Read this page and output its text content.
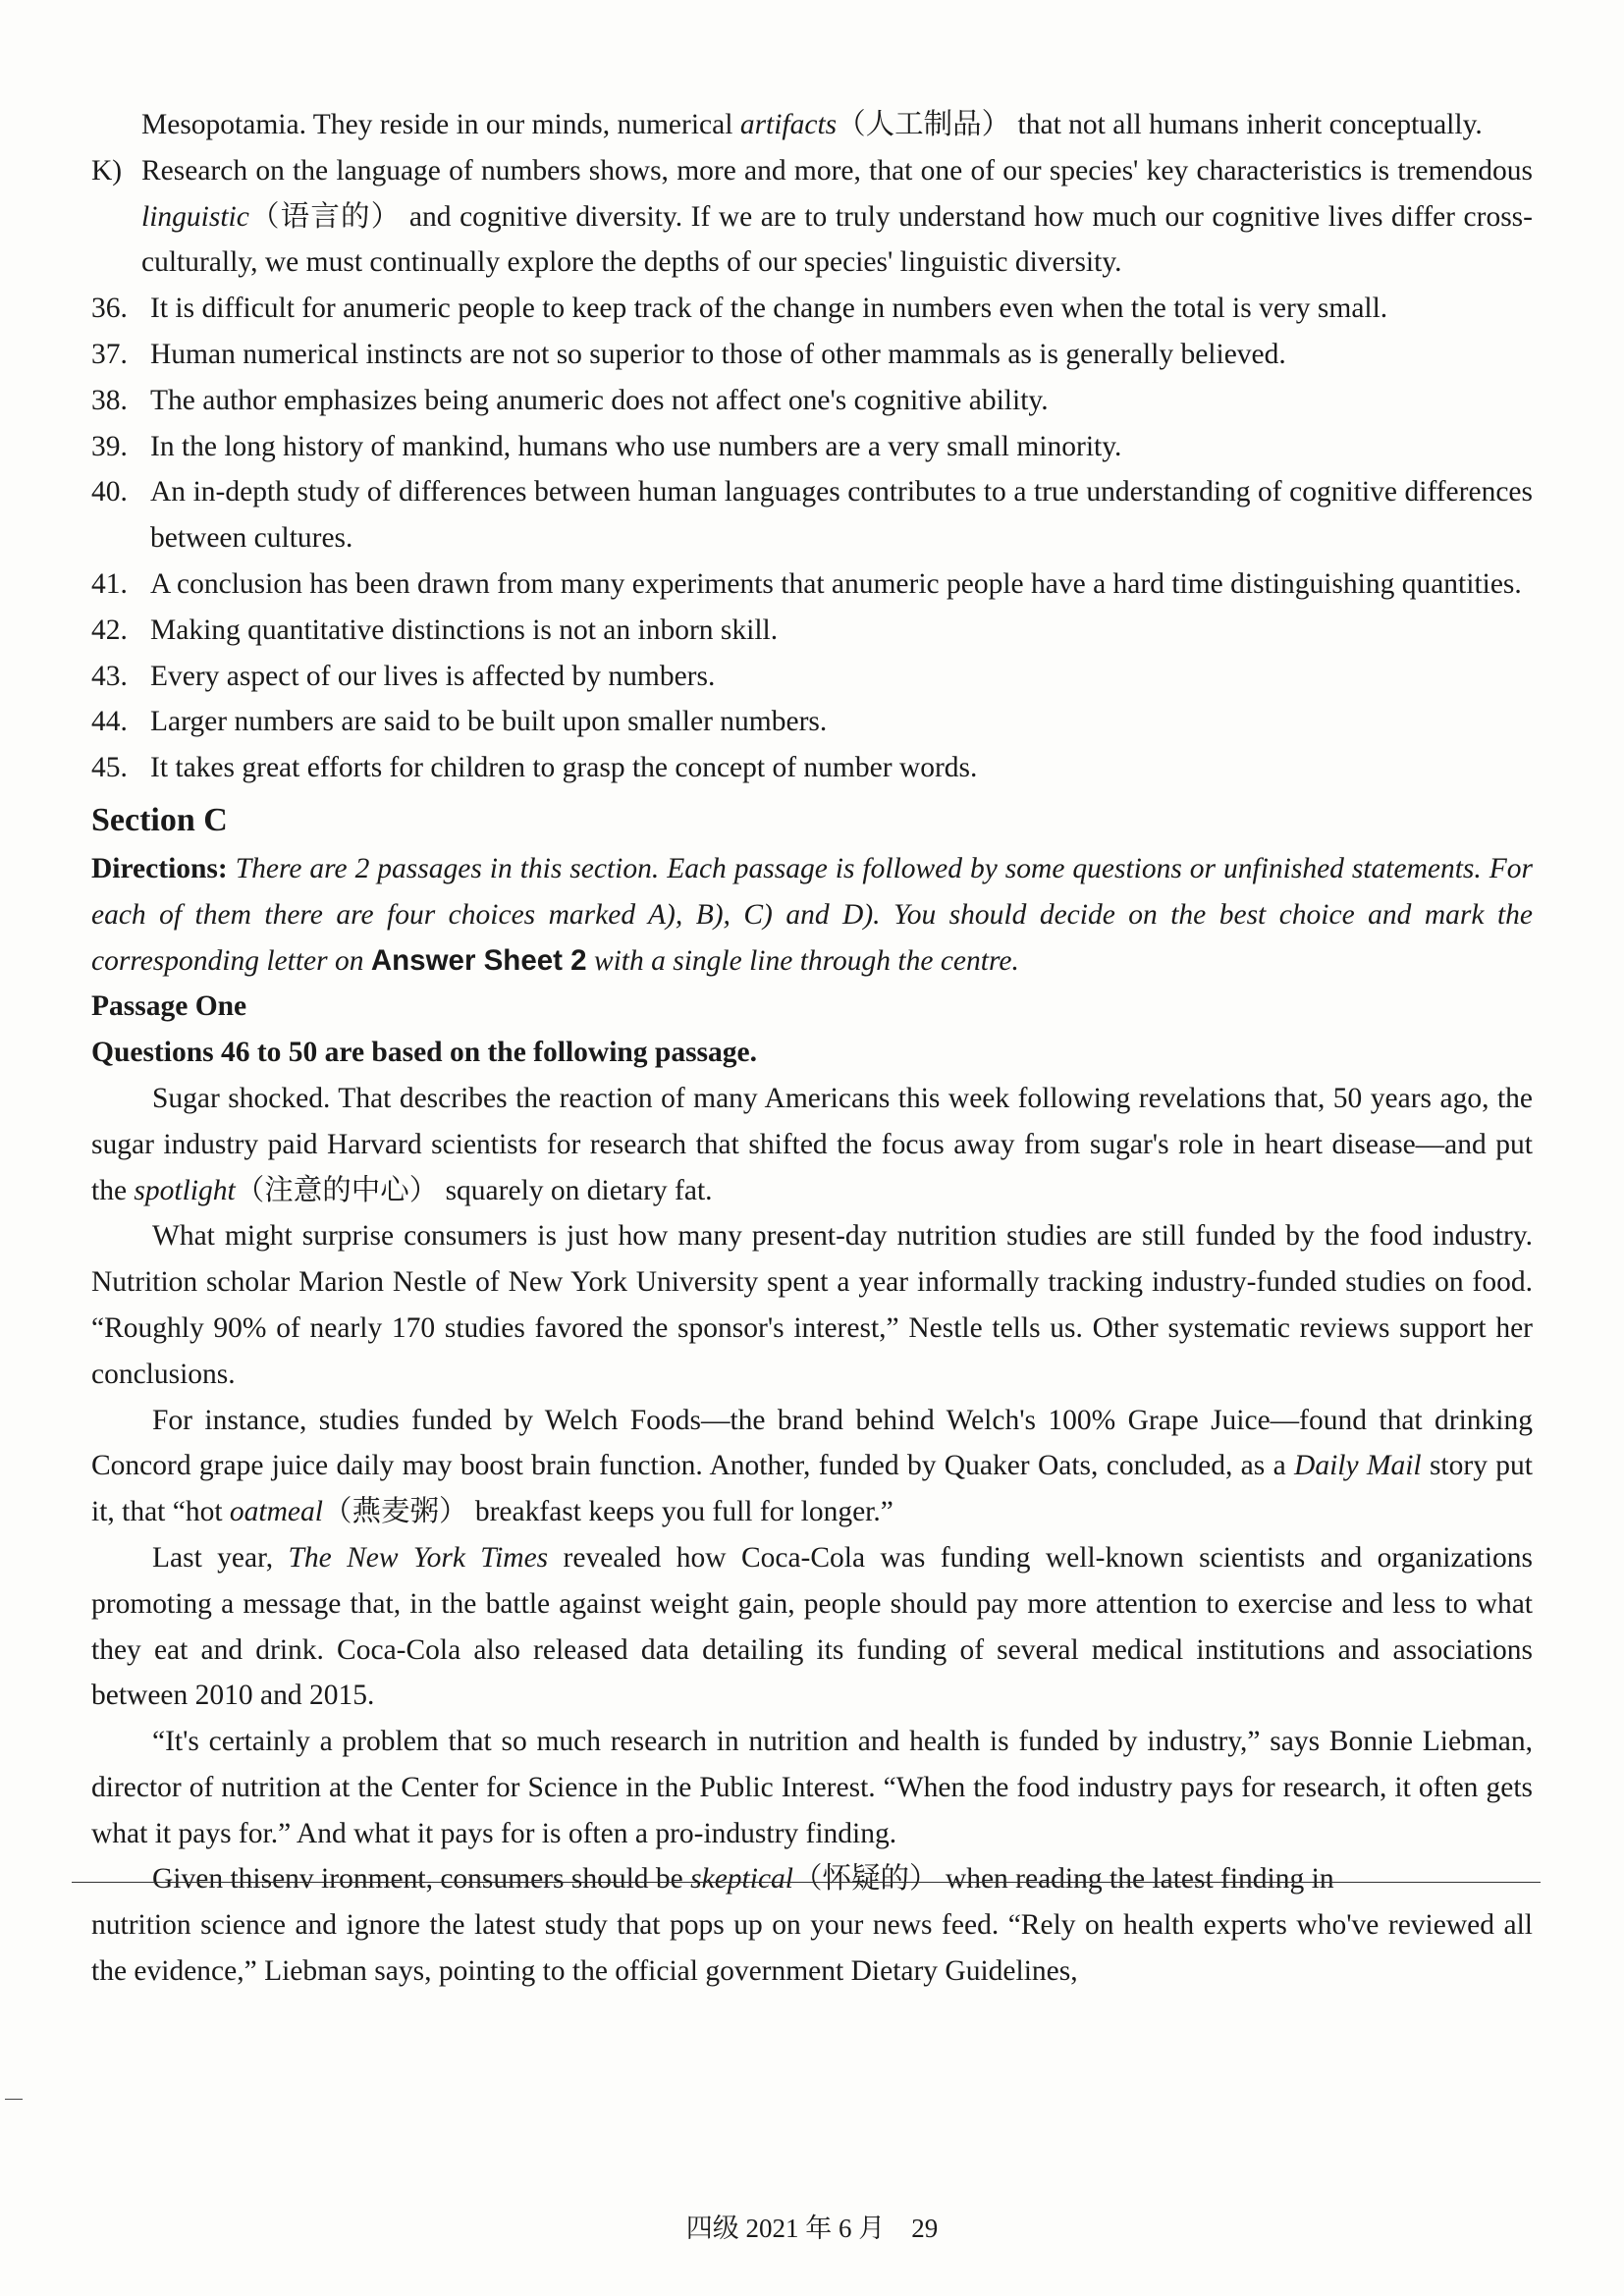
Mesopotamia. They reside in our minds, numerical artifacts（人工制品） that not all humans inherit conceptually.
K) Research on the language of numbers shows, more and more, that one of our species' key characteristics is tremendous linguistic（语言的） and cognitive diversity. If we are to truly understand how much our cognitive lives differ cross-culturally, we must continually explore the depths of our species' linguistic diversity.
36. It is difficult for anumeric people to keep track of the change in numbers even when the total is very small.
37. Human numerical instincts are not so superior to those of other mammals as is generally believed.
38. The author emphasizes being anumeric does not affect one's cognitive ability.
39. In the long history of mankind, humans who use numbers are a very small minority.
40. An in-depth study of differences between human languages contributes to a true understanding of cognitive differences between cultures.
41. A conclusion has been drawn from many experiments that anumeric people have a hard time distinguishing quantities.
42. Making quantitative distinctions is not an inborn skill.
43. Every aspect of our lives is affected by numbers.
44. Larger numbers are said to be built upon smaller numbers.
45. It takes great efforts for children to grasp the concept of number words.
Section C
Directions: There are 2 passages in this section. Each passage is followed by some questions or unfinished statements. For each of them there are four choices marked A), B), C) and D). You should decide on the best choice and mark the corresponding letter on Answer Sheet 2 with a single line through the centre.
Passage One
Questions 46 to 50 are based on the following passage.
Sugar shocked. That describes the reaction of many Americans this week following revelations that, 50 years ago, the sugar industry paid Harvard scientists for research that shifted the focus away from sugar's role in heart disease—and put the spotlight（注意的中心） squarely on dietary fat.
What might surprise consumers is just how many present-day nutrition studies are still funded by the food industry. Nutrition scholar Marion Nestle of New York University spent a year informally tracking industry-funded studies on food. “Roughly 90% of nearly 170 studies favored the sponsor's interest,” Nestle tells us. Other systematic reviews support her conclusions.
For instance, studies funded by Welch Foods—the brand behind Welch's 100% Grape Juice—found that drinking Concord grape juice daily may boost brain function. Another, funded by Quaker Oats, concluded, as a Daily Mail story put it, that “hot oatmeal（燕麦粥） breakfast keeps you full for longer.”
Last year, The New York Times revealed how Coca-Cola was funding well-known scientists and organizations promoting a message that, in the battle against weight gain, people should pay more attention to exercise and less to what they eat and drink. Coca-Cola also released data detailing its funding of several medical institutions and associations between 2010 and 2015.
“It's certainly a problem that so much research in nutrition and health is funded by industry,” says Bonnie Liebman, director of nutrition at the Center for Science in the Public Interest. “When the food industry pays for research, it often gets what it pays for.” And what it pays for is often a pro-industry finding.
Given thisenv ironment, consumers should be skeptical（怀疑的） when reading the latest finding in
nutrition science and ignore the latest study that pops up on your news feed. “Rely on health experts who've reviewed all the evidence,” Liebman says, pointing to the official government Dietary Guidelines,
四级 2021 年 6 月　29
